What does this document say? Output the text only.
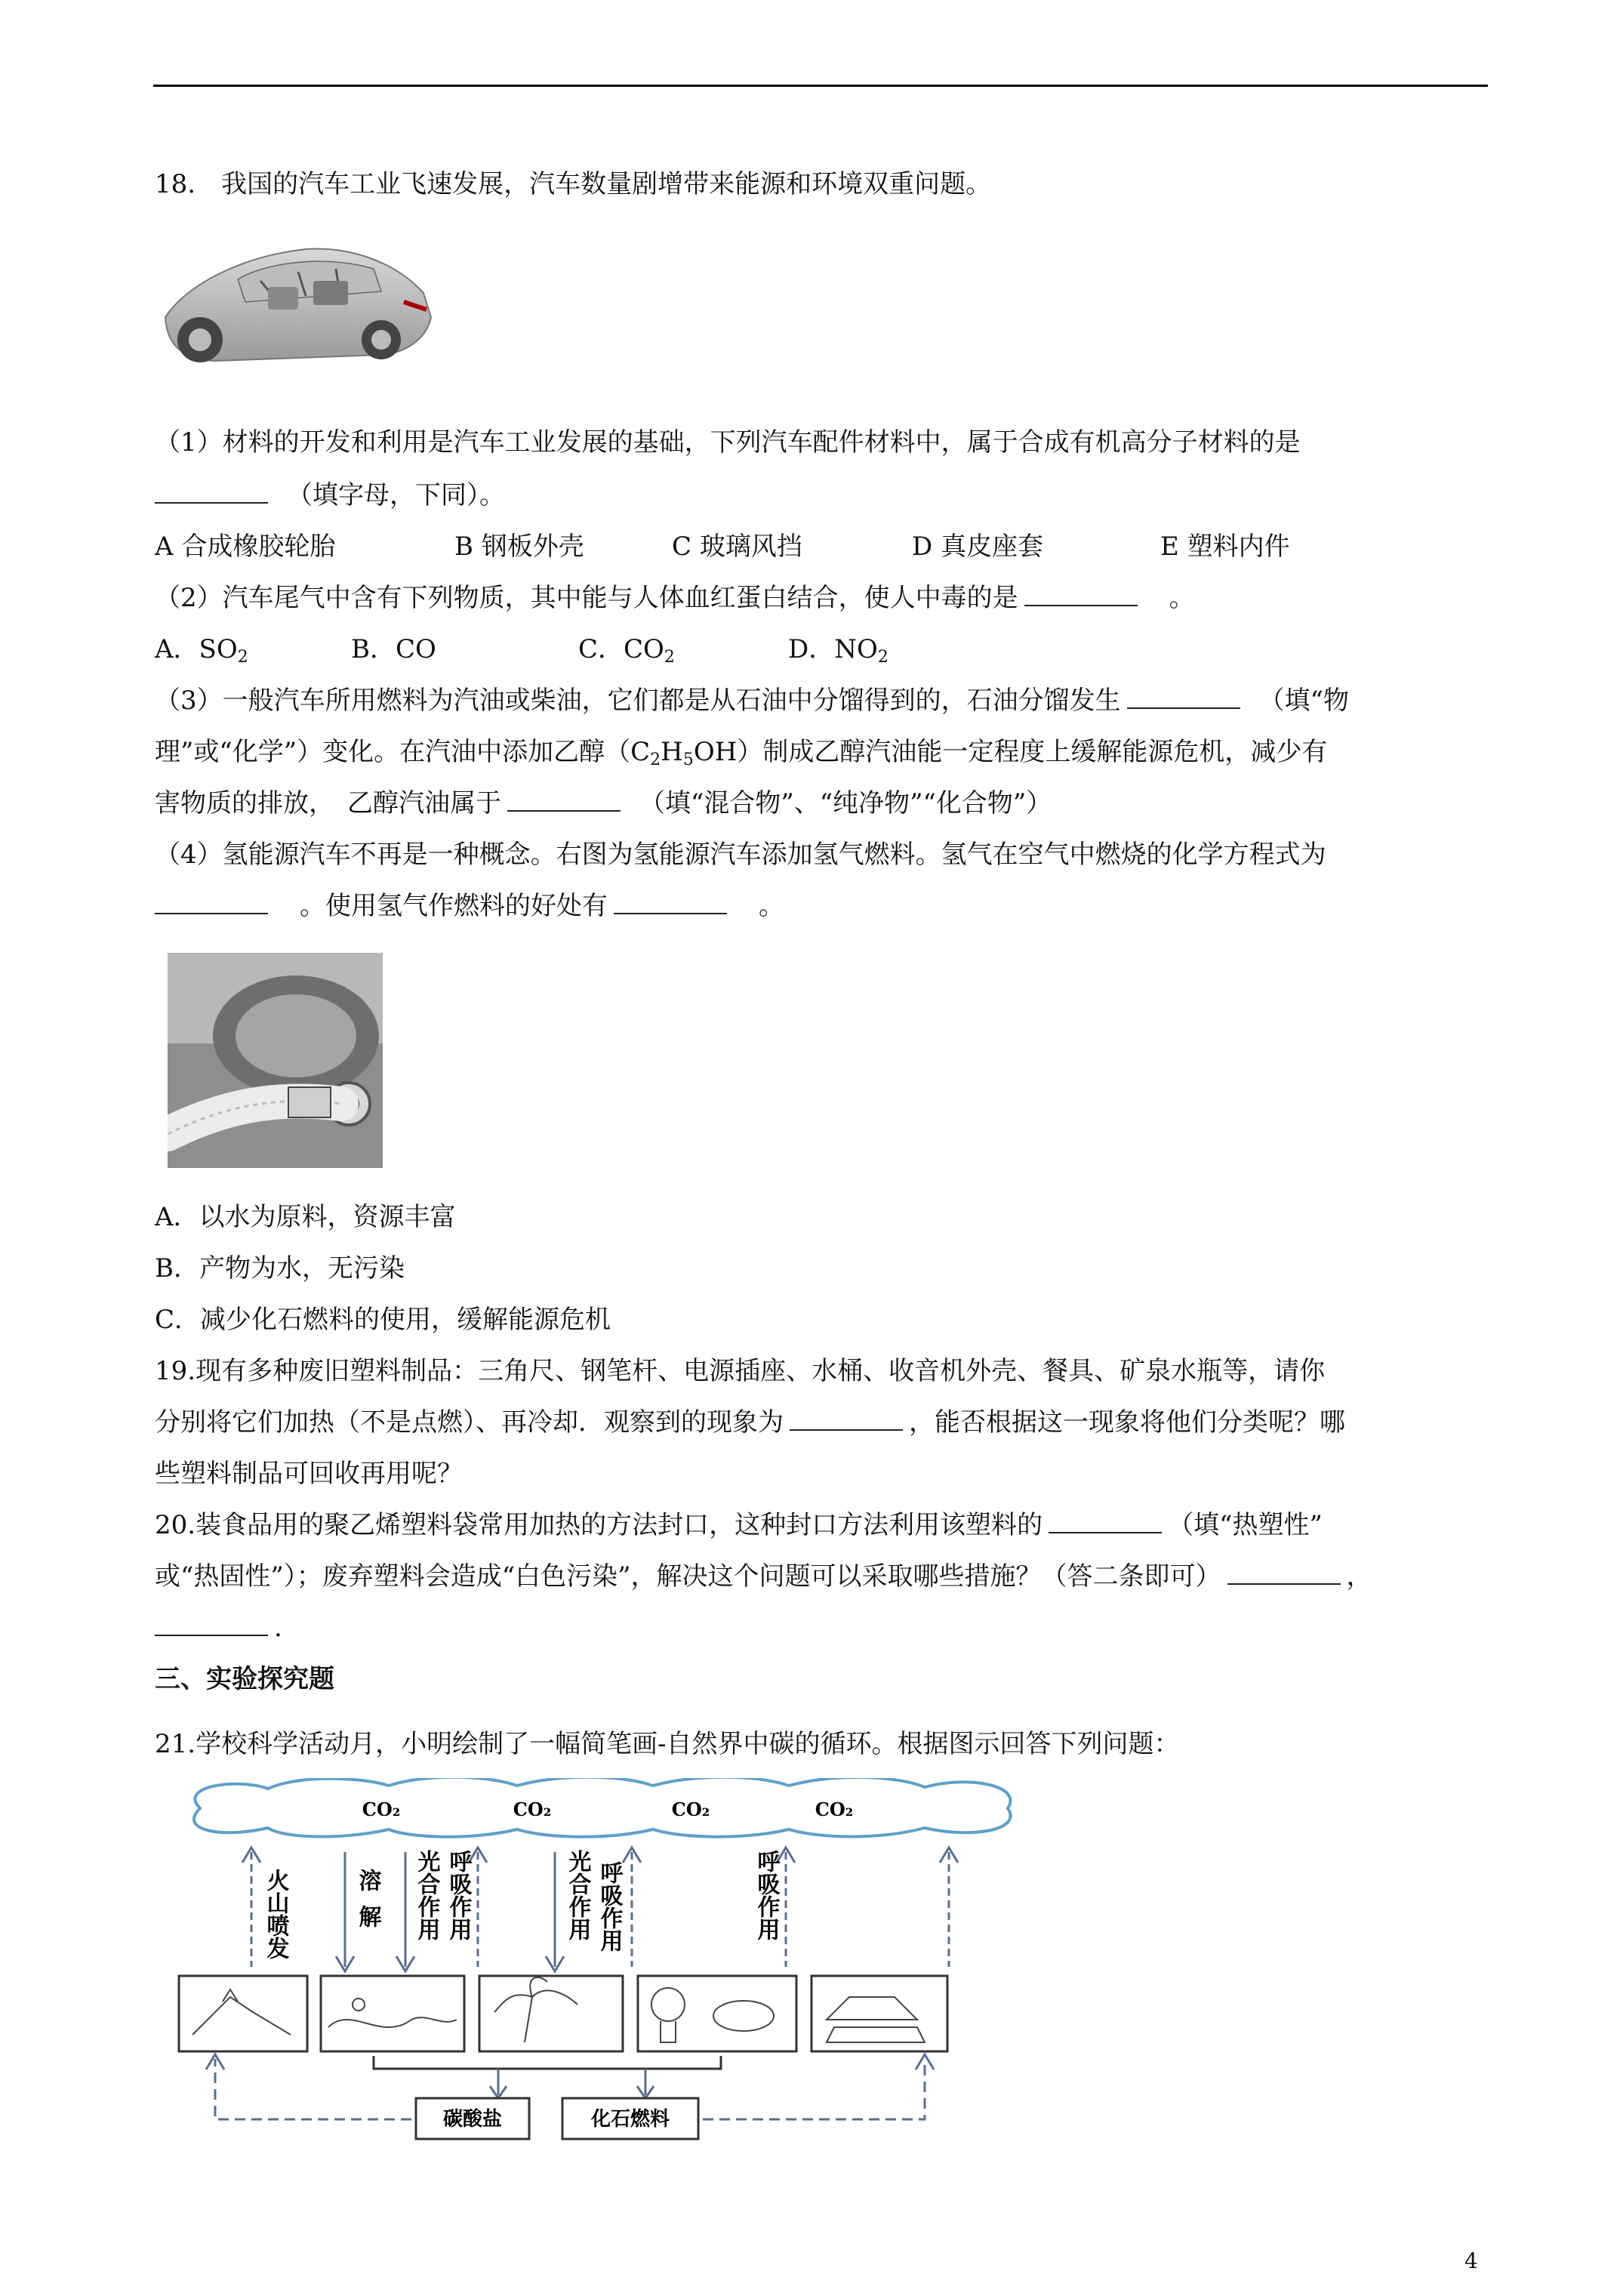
18.　我国的汽车工业飞速发展，汽车数量剧增带来能源和环境双重问题。
（1）材料的开发和利用是汽车工业发展的基础，下列汽车配件材料中，属于合成有机高分子材料的是
　（填字母，下同）。
A 合成橡胶轮胎	B 钢板外壳	C 玻璃风挡	D 真皮座套	E 塑料内件
（2）汽车尾气中含有下列物质，其中能与人体血红蛋白结合，使人中毒的是　	。
A．$SO_2$	B．CO	C．$CO_2$	D．$NO_2$
（3）一般汽车所用燃料为汽油或柴油，它们都是从石油中分馏得到的，石油分馏发生　	（填“物
理”或“化学”）变化。在汽油中添加乙醇$(C_2H_5OH)$制成乙醇汽油能一定程度上缓解能源危机，减少有
害物质的排放，　乙醇汽油属于　	（填“混合物”、“纯净物”“化合物”）
（4）氢能源汽车不再是一种概念。右图为氢能源汽车添加氢气燃料。氢气在空气中燃烧的化学方程式为
　。使用氢气作燃料的好处有　	。
A．以水为原料，资源丰富
B．产物为水，无污染
C．减少化石燃料的使用，缓解能源危机
19.现有多种废旧塑料制品：三角尺、钢笔杆、电源插座、水桶、收音机外壳、餐具、矿泉水瓶等，请你
分别将它们加热（不是点燃）、再冷却．观察到的现象为	，能否根据这一现象将他们分类呢？哪
些塑料制品可回收再用呢？
20.装食品用的聚乙烯塑料袋常用加热的方法封口，这种封口方法利用该塑料的	（填“热塑性”
或“热固性”）；废弃塑料会造成“白色污染”，解决这个问题可以采取哪些措施？（答二条即可）	，
.
三、实验探究题
21.学校科学活动月，小明绘制了一幅简笔画-自然界中碳的循环。根据图示回答下列问题：
CO₂	CO₂	CO₂	CO₂
火山喷发	溶解 光合作用 呼吸作用	光合作用 呼吸作用	呼吸作用
碳酸盐	化石燃料
4
